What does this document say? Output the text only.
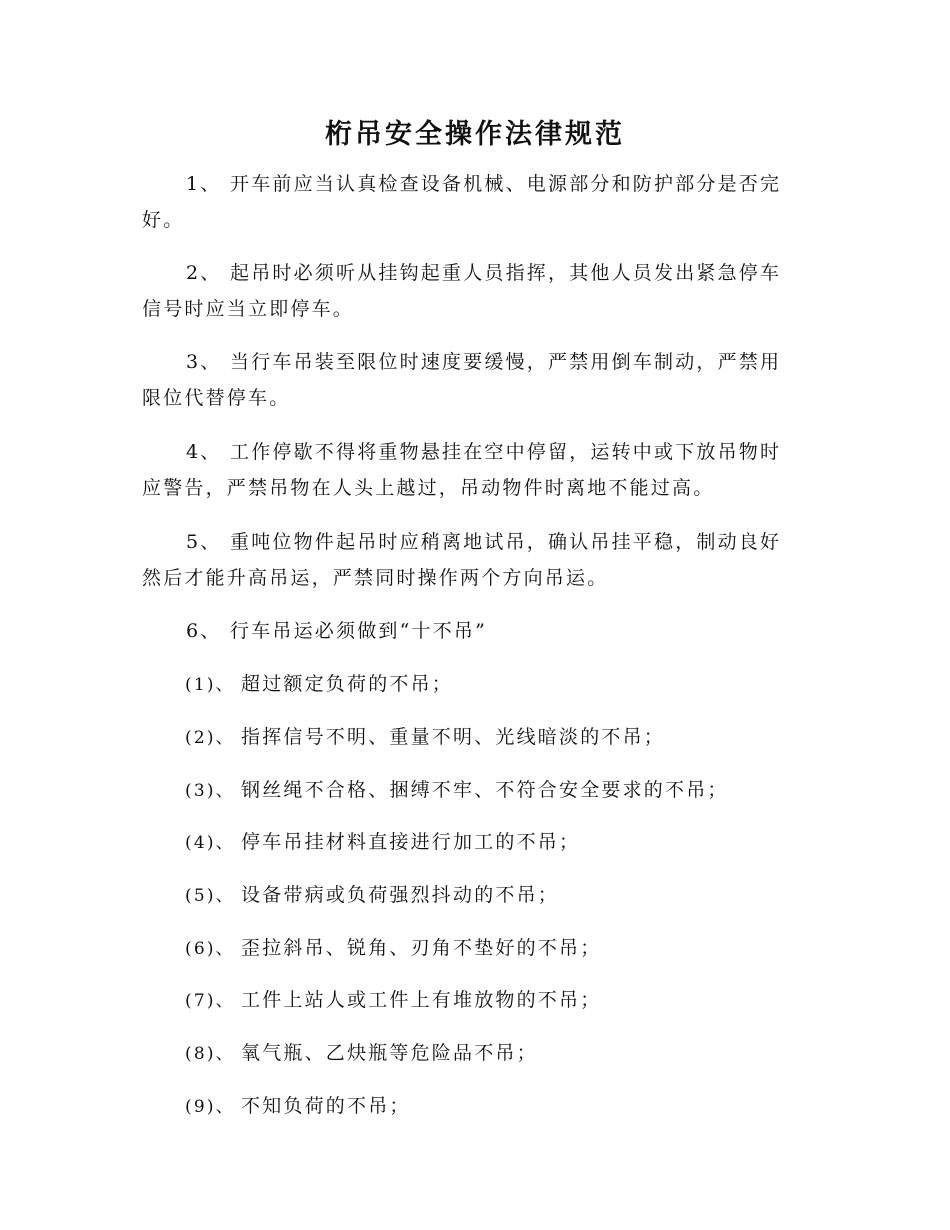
桁吊安全操作法律规范
1、 开车前应当认真检查设备机械、电源部分和防护部分是否完
好。
2、 起吊时必须听从挂钩起重人员指挥，其他人员发出紧急停车
信号时应当立即停车。
3、 当行车吊装至限位时速度要缓慢，严禁用倒车制动，严禁用
限位代替停车。
4、 工作停歇不得将重物悬挂在空中停留，运转中或下放吊物时
应警告，严禁吊物在人头上越过，吊动物件时离地不能过高。
5、 重吨位物件起吊时应稍离地试吊，确认吊挂平稳，制动良好
然后才能升高吊运，严禁同时操作两个方向吊运。
6、 行车吊运必须做到“十不吊”
(1)、 超过额定负荷的不吊；
(2)、 指挥信号不明、重量不明、光线暗淡的不吊；
(3)、 钢丝绳不合格、捆缚不牢、不符合安全要求的不吊；
(4)、 停车吊挂材料直接进行加工的不吊；
(5)、 设备带病或负荷强烈抖动的不吊；
(6)、 歪拉斜吊、锐角、刃角不垫好的不吊；
(7)、 工件上站人或工件上有堆放物的不吊；
(8)、 氧气瓶、乙炔瓶等危险品不吊；
(9)、 不知负荷的不吊；
